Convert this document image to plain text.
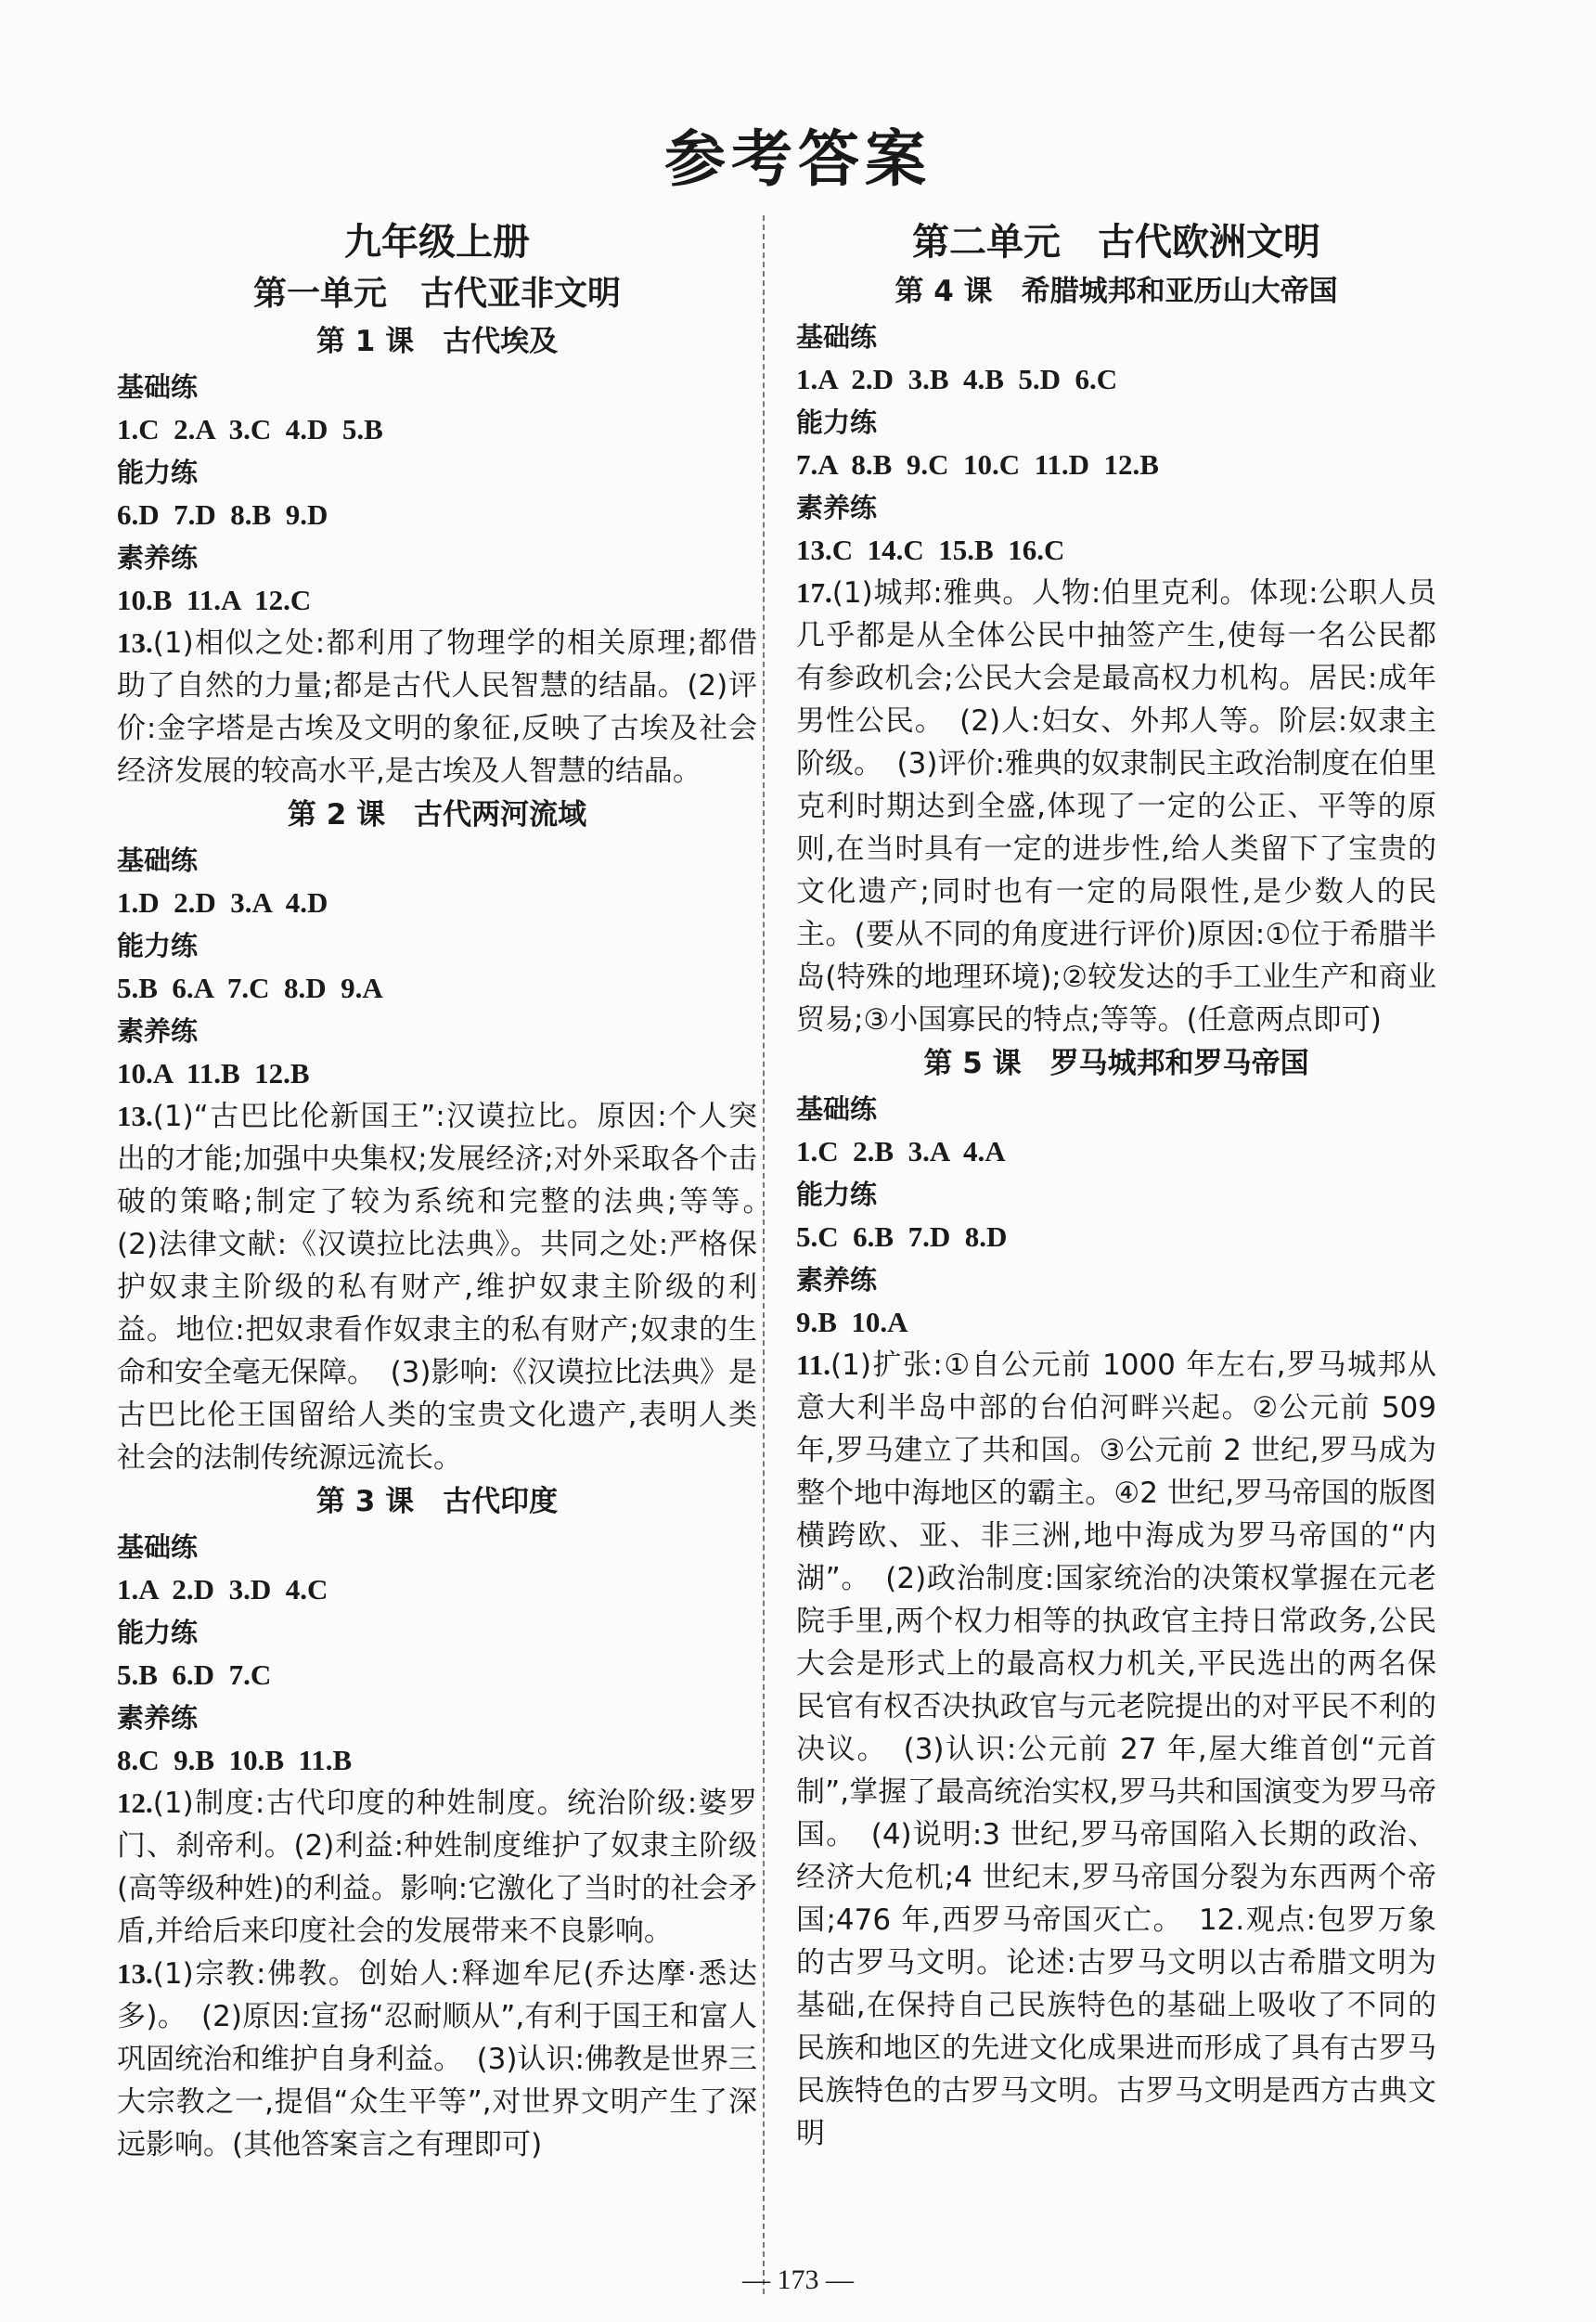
参考答案

九年级上册

第一单元　古代亚非文明

第 1 课　古代埃及

基础练

1.C  2.A  3.C  4.D  5.B

能力练

6.D  7.D  8.B  9.D

素养练

10.B  11.A  12.C

13.(1)相似之处:都利用了物理学的相关原理;都借助了自然的力量;都是古代人民智慧的结晶。(2)评价:金字塔是古埃及文明的象征,反映了古埃及社会经济发展的较高水平,是古埃及人智慧的结晶。

第 2 课　古代两河流域

基础练

1.D  2.D  3.A  4.D

能力练

5.B  6.A  7.C  8.D  9.A

素养练

10.A  11.B  12.B

13.(1)“古巴比伦新国王”:汉谟拉比。原因:个人突出的才能;加强中央集权;发展经济;对外采取各个击破的策略;制定了较为系统和完整的法典;等等。　(2)法律文献:《汉谟拉比法典》。共同之处:严格保护奴隶主阶级的私有财产,维护奴隶主阶级的利益。地位:把奴隶看作奴隶主的私有财产;奴隶的生命和安全毫无保障。　(3)影响:《汉谟拉比法典》是古巴比伦王国留给人类的宝贵文化遗产,表明人类社会的法制传统源远流长。

第 3 课　古代印度

基础练

1.A  2.D  3.D  4.C

能力练

5.B  6.D  7.C

素养练

8.C  9.B  10.B  11.B

12.(1)制度:古代印度的种姓制度。统治阶级:婆罗门、刹帝利。(2)利益:种姓制度维护了奴隶主阶级(高等级种姓)的利益。影响:它激化了当时的社会矛盾,并给后来印度社会的发展带来不良影响。

13.(1)宗教:佛教。创始人:释迦牟尼(乔达摩·悉达多)。　(2)原因:宣扬“忍耐顺从”,有利于国王和富人巩固统治和维护自身利益。　(3)认识:佛教是世界三大宗教之一,提倡“众生平等”,对世界文明产生了深远影响。(其他答案言之有理即可)

第二单元　古代欧洲文明

第 4 课　希腊城邦和亚历山大帝国

基础练

1.A  2.D  3.B  4.B  5.D  6.C

能力练

7.A  8.B  9.C  10.C  11.D  12.B

素养练

13.C  14.C  15.B  16.C

17.(1)城邦:雅典。人物:伯里克利。体现:公职人员几乎都是从全体公民中抽签产生,使每一名公民都有参政机会;公民大会是最高权力机构。居民:成年男性公民。　(2)人:妇女、外邦人等。阶层:奴隶主阶级。　(3)评价:雅典的奴隶制民主政治制度在伯里克利时期达到全盛,体现了一定的公正、平等的原则,在当时具有一定的进步性,给人类留下了宝贵的文化遗产;同时也有一定的局限性,是少数人的民主。(要从不同的角度进行评价)原因:①位于希腊半岛(特殊的地理环境);②较发达的手工业生产和商业贸易;③小国寡民的特点;等等。(任意两点即可)

第 5 课　罗马城邦和罗马帝国

基础练

1.C  2.B  3.A  4.A

能力练

5.C  6.B  7.D  8.D

素养练

9.B  10.A

11.(1)扩张:①自公元前 1000 年左右,罗马城邦从意大利半岛中部的台伯河畔兴起。②公元前 509 年,罗马建立了共和国。③公元前 2 世纪,罗马成为整个地中海地区的霸主。④2 世纪,罗马帝国的版图横跨欧、亚、非三洲,地中海成为罗马帝国的“内湖”。　(2)政治制度:国家统治的决策权掌握在元老院手里,两个权力相等的执政官主持日常政务,公民大会是形式上的最高权力机关,平民选出的两名保民官有权否决执政官与元老院提出的对平民不利的决议。　(3)认识:公元前 27 年,屋大维首创“元首制”,掌握了最高统治实权,罗马共和国演变为罗马帝国。　(4)说明:3 世纪,罗马帝国陷入长期的政治、经济大危机;4 世纪末,罗马帝国分裂为东西两个帝国;476 年,西罗马帝国灭亡。　12.观点:包罗万象的古罗马文明。论述:古罗马文明以古希腊文明为基础,在保持自己民族特色的基础上吸收了不同的民族和地区的先进文化成果进而形成了具有古罗马民族特色的古罗马文明。古罗马文明是西方古典文明

— 173 —
